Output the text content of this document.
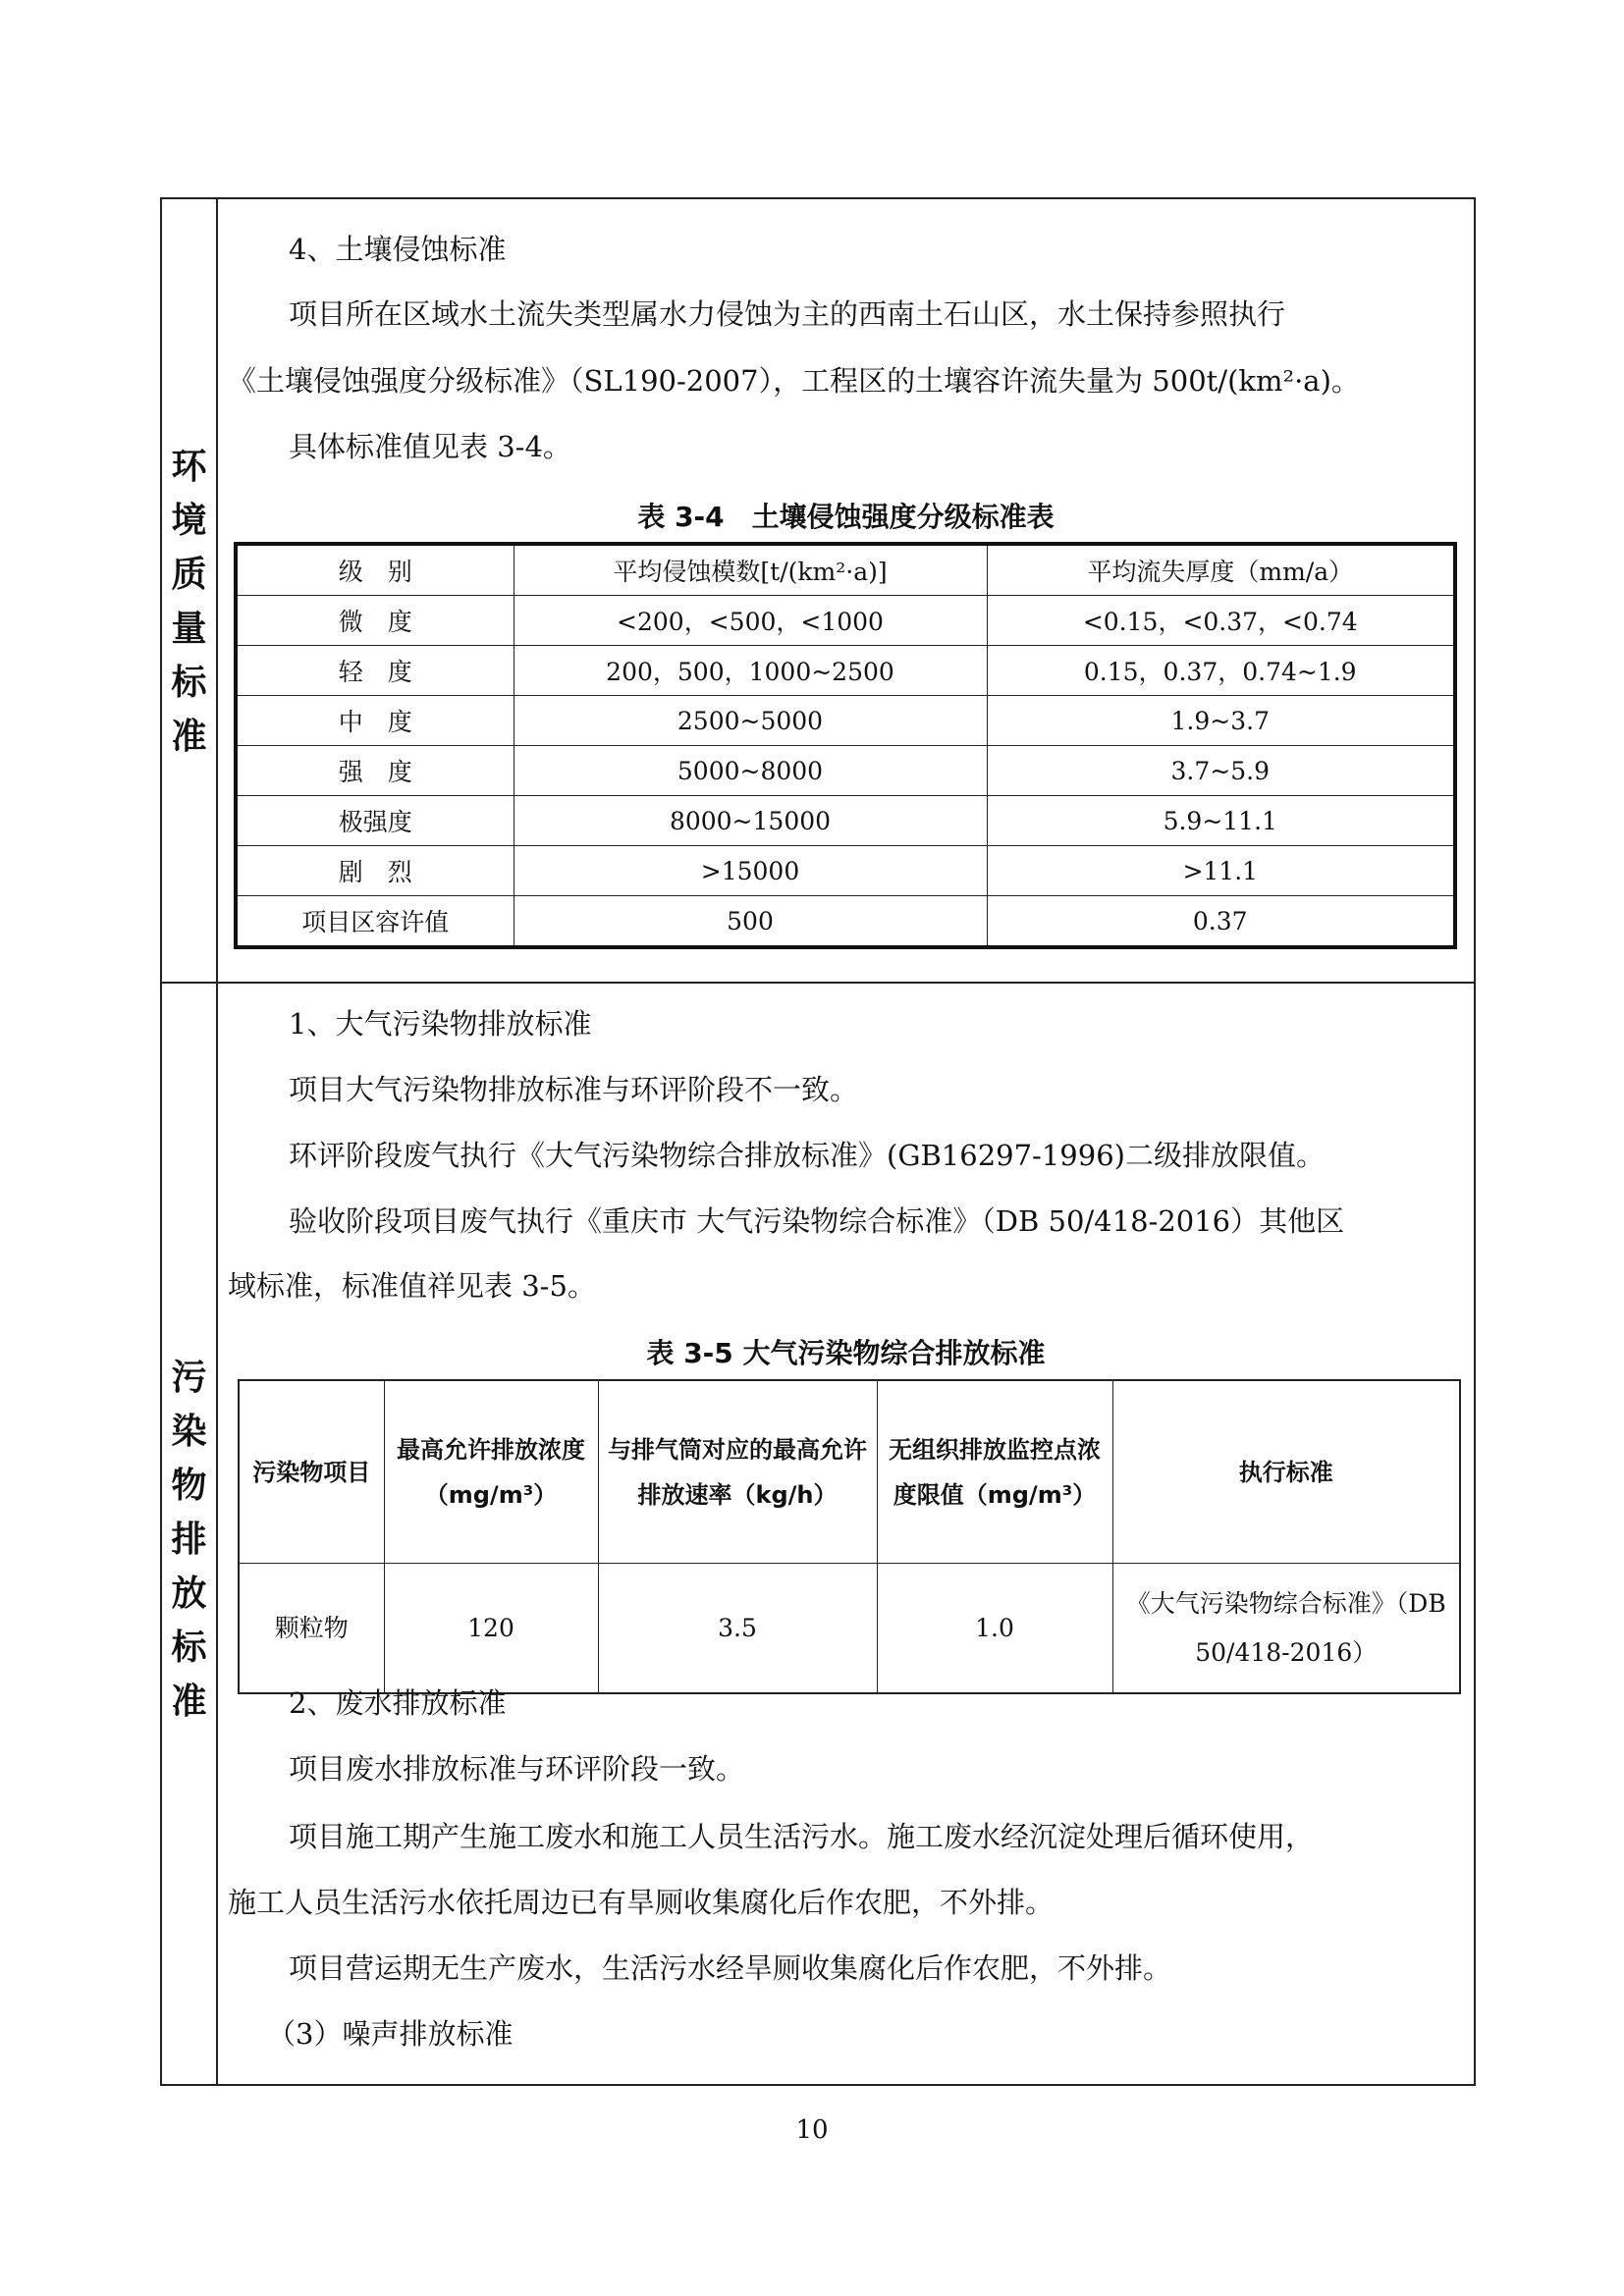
环
境
质
量
标
准
4、土壤侵蚀标准
项目所在区域水土流失类型属水力侵蚀为主的西南土石山区，水土保持参照执行
《土壤侵蚀强度分级标准》（SL190-2007），工程区的土壤容许流失量为 500t/(km²·a)。
具体标准值见表 3-4。
表 3-4　土壤侵蚀强度分级标准表
级　别	平均侵蚀模数[t/(km²·a)]	平均流失厚度（mm/a）
微　度	<200，<500，<1000	<0.15，<0.37，<0.74
轻　度	200，500，1000~2500	0.15，0.37，0.74~1.9
中　度	2500~5000	1.9~3.7
强　度	5000~8000	3.7~5.9
极强度	8000~15000	5.9~11.1
剧　烈	>15000	>11.1
项目区容许值	500	0.37
污
染
物
排
放
标
准
1、大气污染物排放标准
项目大气污染物排放标准与环评阶段不一致。
环评阶段废气执行《大气污染物综合排放标准》(GB16297-1996)二级排放限值。
验收阶段项目废气执行《重庆市 大气污染物综合标准》（DB 50/418-2016）其他区
域标准，标准值祥见表 3-5。
表 3-5 大气污染物综合排放标准
污染物项目	最高允许排放浓度（mg/m³）	与排气筒对应的最高允许排放速率（kg/h）	无组织排放监控点浓度限值（mg/m³）	执行标准
颗粒物	120	3.5	1.0	《大气污染物综合标准》（DB 50/418-2016）
2、废水排放标准
项目废水排放标准与环评阶段一致。
项目施工期产生施工废水和施工人员生活污水。施工废水经沉淀处理后循环使用，
施工人员生活污水依托周边已有旱厕收集腐化后作农肥，不外排。
项目营运期无生产废水，生活污水经旱厕收集腐化后作农肥，不外排。
（3）噪声排放标准
10
